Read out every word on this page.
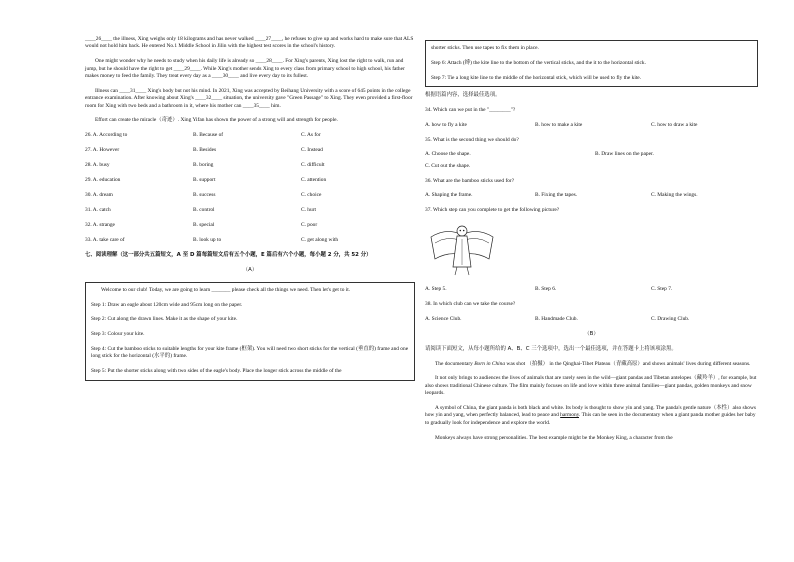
____26____ the illness, Xing weighs only 18 kilograms and has never walked ____27____, he refuses to give up and works hard to make sure that ALS would not hold him back. He entered No.1 Middle School in Jilin with the highest test scores in the school's history.

One might wonder why he needs to study when his daily life is already so ____28____. For Xing's parents, Xing lost the right to walk, run and jump, but he should have the right to get ____29____. While Xing's mother sends Xing to every class from primary school to high school, his father makes money to feed the family. They treat every day as a ____30____ and live every day to its fullest.

Illness can ____31____ Xing's body but not his mind. In 2021, Xing was accepted by Beihang University with a score of 645 points in the college entrance examination. After knowing about Xing's ____32____ situation, the university gave "Green Passage" to Xing. They even provided a first-floor room for Xing with two beds and a bathroom in it, where his mother can ____35____ him.

Effort can create the miracle（奇迹）. Xing Yifan has shown the power of a strong will and strength for people.

26. A. According to	B. Because of	C. As for
27. A. However	B. Besides	C. Instead
28. A. busy	B. boring	C. difficult
29. A. education	B. support	C. attention
30. A. dream	B. success	C. choice
31. A. catch	B. control	C. hurt
32. A. strange	B. special	C. poor
33. A. take care of	B. look up to	C. get along with

七、阅读理解（这一部分共五篇短文，A 至 D 篇每篇短文后有五个小题，E 篇后有六个小题，每小题 2 分，共 52 分）

（A）

Welcome to our club! Today, we are going to learn _______ please check all the things we need. Then let's get to it.

Step 1: Draw an eagle about 120cm wide and 95cm long on the paper.

Step 2: Cut along the drawn lines. Make it as the shape of your kite.

Step 3: Colour your kite.

Step 4: Cut the bamboo sticks to suitable lengths for your kite frame (框架). You will need two short sticks for the vertical (垂直的) frame and one long stick for the horizontal (水平的) frame.

Step 5: Put the shorter sticks along with two sides of the eagle's body. Place the longer stick across the middle of the

shorter sticks. Then use tapes to fix them in place.

Step 6: Attach (缚) the kite line to the bottom of the vertical sticks, and the it to the horizontal stick.

Step 7: Tie a long kite line to the middle of the horizontal stick, which will be used to fly the kite.

根据语篇内容，选择最佳选项。

34. Which can we put in the "________"?

A. how to fly a kite	B. how to make a kite	C. how to draw a kite

35. What is the second thing we should do?

A. Choose the shape.	B. Draw lines on the paper.

C. Cut out the shape.

36. What are the bamboo sticks used for?

A. Shaping the frame.	B. Fixing the tapes.	C. Making the wings.

37. Which step can you complete to get the following picture?

A. Step 5.	B. Step 6.	C. Step 7.

38. In which club can we take the course?

A. Science Club.	B. Handmade Club.	C. Drawing Club.

（B）

请阅读下面短文，从每小题所给的 A、B、C 三个选项中，选出一个最佳选项，并在答题卡上将该项涂黑。

The documentary Born in China was shot （拍摄） in the Qinghai-Tibet Plateau（青藏高原）and shows animals' lives during different seasons.

It not only brings to audiences the lives of animals that are rarely seen in the wild—giant pandas and Tibetan antelopes（藏羚羊）, for example, but also shows traditional Chinese culture. The film mainly focuses on life and love within three animal families—giant pandas, golden monkeys and snow leopards.

A symbol of China, the giant panda is both black and white. Its body is thought to show yin and yang. The panda's gentle nature（本性）also shows how yin and yang, when perfectly balanced, lead to peace and harmony. This can be seen in the documentary when a giant panda mother guides her baby to gradually look for independence and explore the world.

Monkeys always have strong personalities. The best example might be the Monkey King, a character from the
